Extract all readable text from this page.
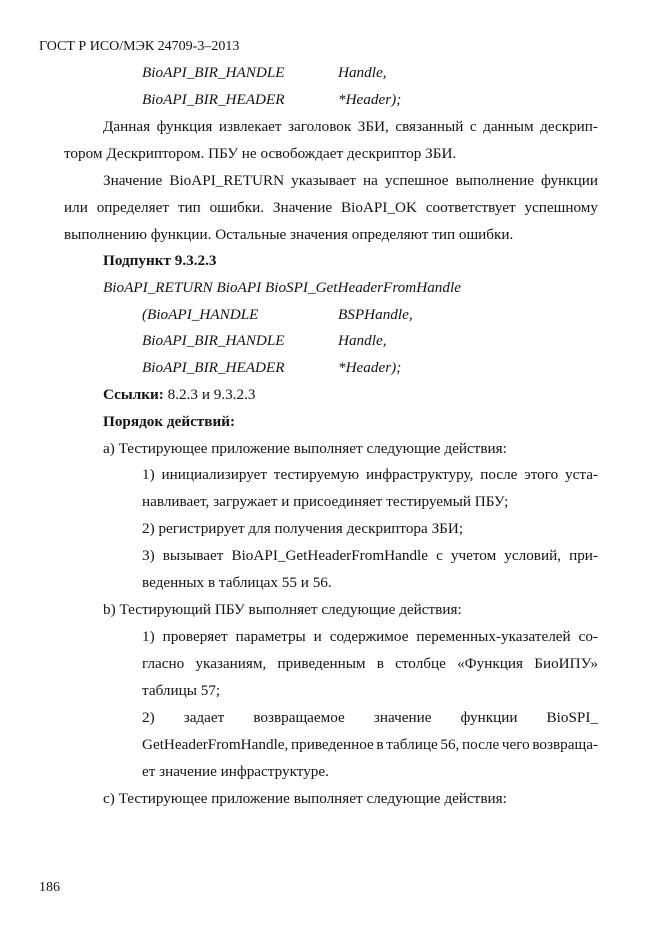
ГОСТ Р ИСО/МЭК 24709-3–2013
BioAPI_BIR_HANDLE	Handle,
BioAPI_BIR_HEADER	*Header);
Данная функция извлекает заголовок ЗБИ, связанный с данным дескрип-
тором Дескриптором. ПБУ не освобождает дескриптор ЗБИ.
Значение BioAPI_RETURN указывает на успешное выполнение функции
или определяет тип ошибки. Значение BioAPI_OK соответствует успешному
выполнению функции. Остальные значения определяют тип ошибки.
Подпункт 9.3.2.3
BioAPI_RETURN BioAPI BioSPI_GetHeaderFromHandle
(BioAPI_HANDLE	BSPHandle,
BioAPI_BIR_HANDLE	Handle,
BioAPI_BIR_HEADER	*Header);
Ссылки: 8.2.3 и 9.3.2.3
Порядок действий:
a) Тестирующее приложение выполняет следующие действия:
1) инициализирует тестируемую инфраструктуру, после этого уста-
навливает, загружает и присоединяет тестируемый ПБУ;
2) регистрирует для получения дескриптора ЗБИ;
3) вызывает BioAPI_GetHeaderFromHandle с учетом условий, при-
веденных в таблицах 55 и 56.
b) Тестирующий ПБУ выполняет следующие действия:
1) проверяет параметры и содержимое переменных-указателей со-
гласно указаниям, приведенным в столбце «Функция БиоИПУ»
таблицы 57;
2) задает возвращаемое значение функции BioSPI_
GetHeaderFromHandle, приведенное в таблице 56, после чего возвраща-
ет значение инфраструктуре.
c) Тестирующее приложение выполняет следующие действия:
186
